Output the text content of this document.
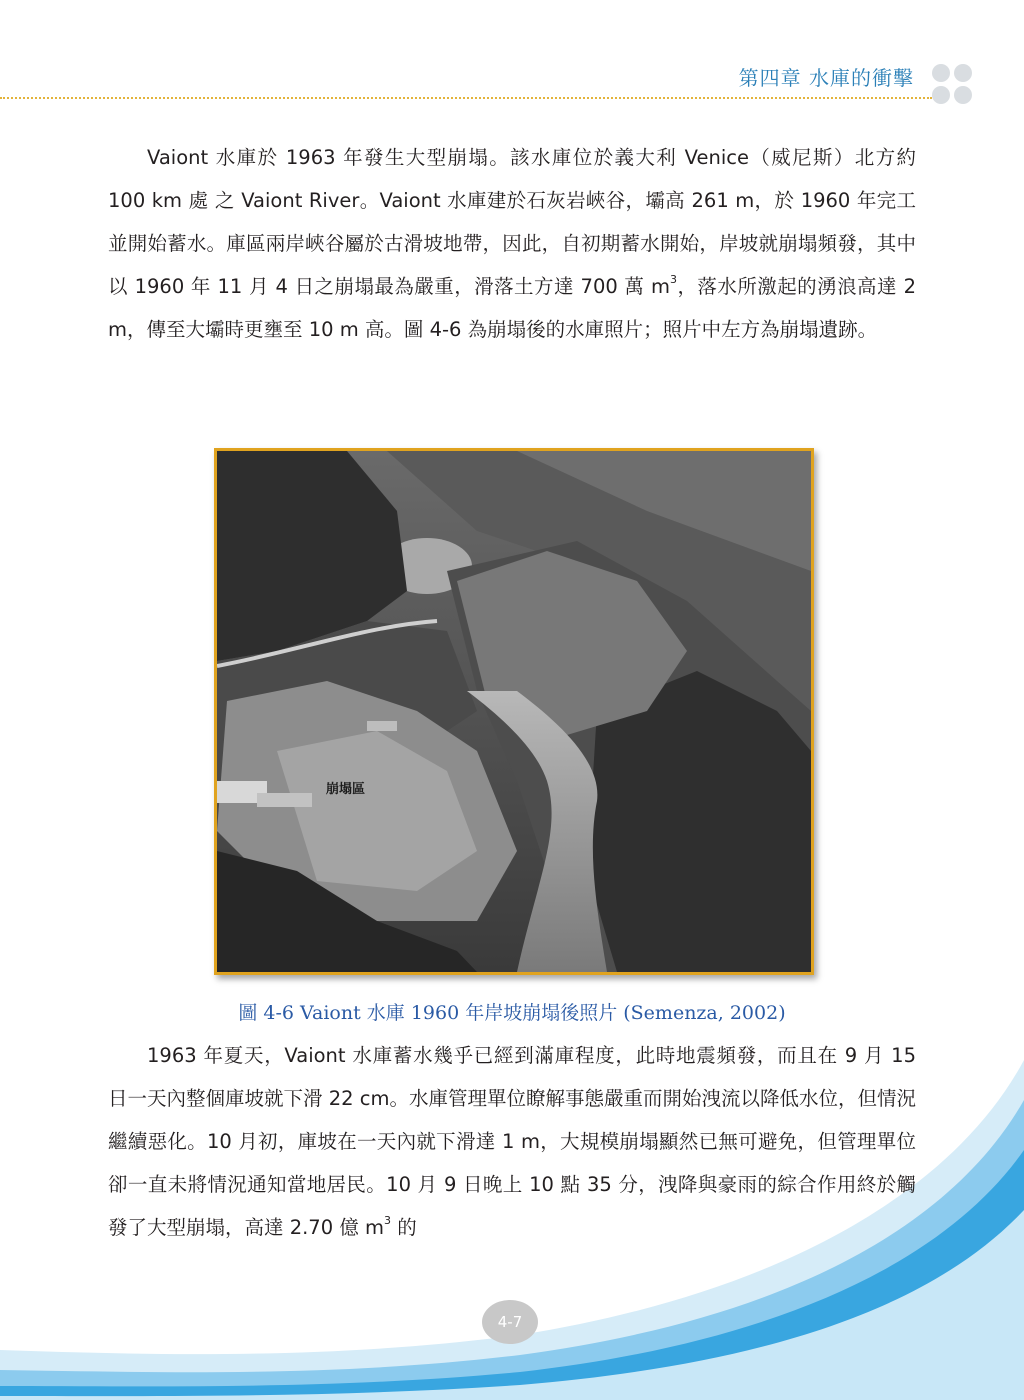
第四章 水庫的衝擊

Vaiont 水庫於 1963 年發生大型崩塌。該水庫位於義大利 Venice（威尼斯）北方約 100 km 處 之 Vaiont River。Vaiont 水庫建於石灰岩峽谷，壩高 261 m，於 1960 年完工並開始蓄水。庫區兩岸峽谷屬於古滑坡地帶，因此，自初期蓄水開始，岸坡就崩塌頻發，其中以 1960 年 11 月 4 日之崩塌最為嚴重，滑落土方達 700 萬 $m^3$，落水所激起的湧浪高達 2 m，傳至大壩時更壅至 10 m 高。圖 4-6 為崩塌後的水庫照片；照片中左方為崩塌遺跡。

崩塌區
圖 4-6 Vaiont 水庫 1960 年岸坡崩塌後照片 (Semenza, 2002)

1963 年夏天，Vaiont 水庫蓄水幾乎已經到滿庫程度，此時地震頻發，而且在 9 月 15 日一天內整個庫坡就下滑 22 cm。水庫管理單位瞭解事態嚴重而開始洩流以降低水位，但情況繼續惡化。10 月初，庫坡在一天內就下滑達 1 m，大規模崩塌顯然已無可避免，但管理單位卻一直未將情況通知當地居民。10 月 9 日晚上 10 點 35 分，洩降與豪雨的綜合作用終於觸發了大型崩塌，高達 2.70 億 $m^3$ 的

4-7
